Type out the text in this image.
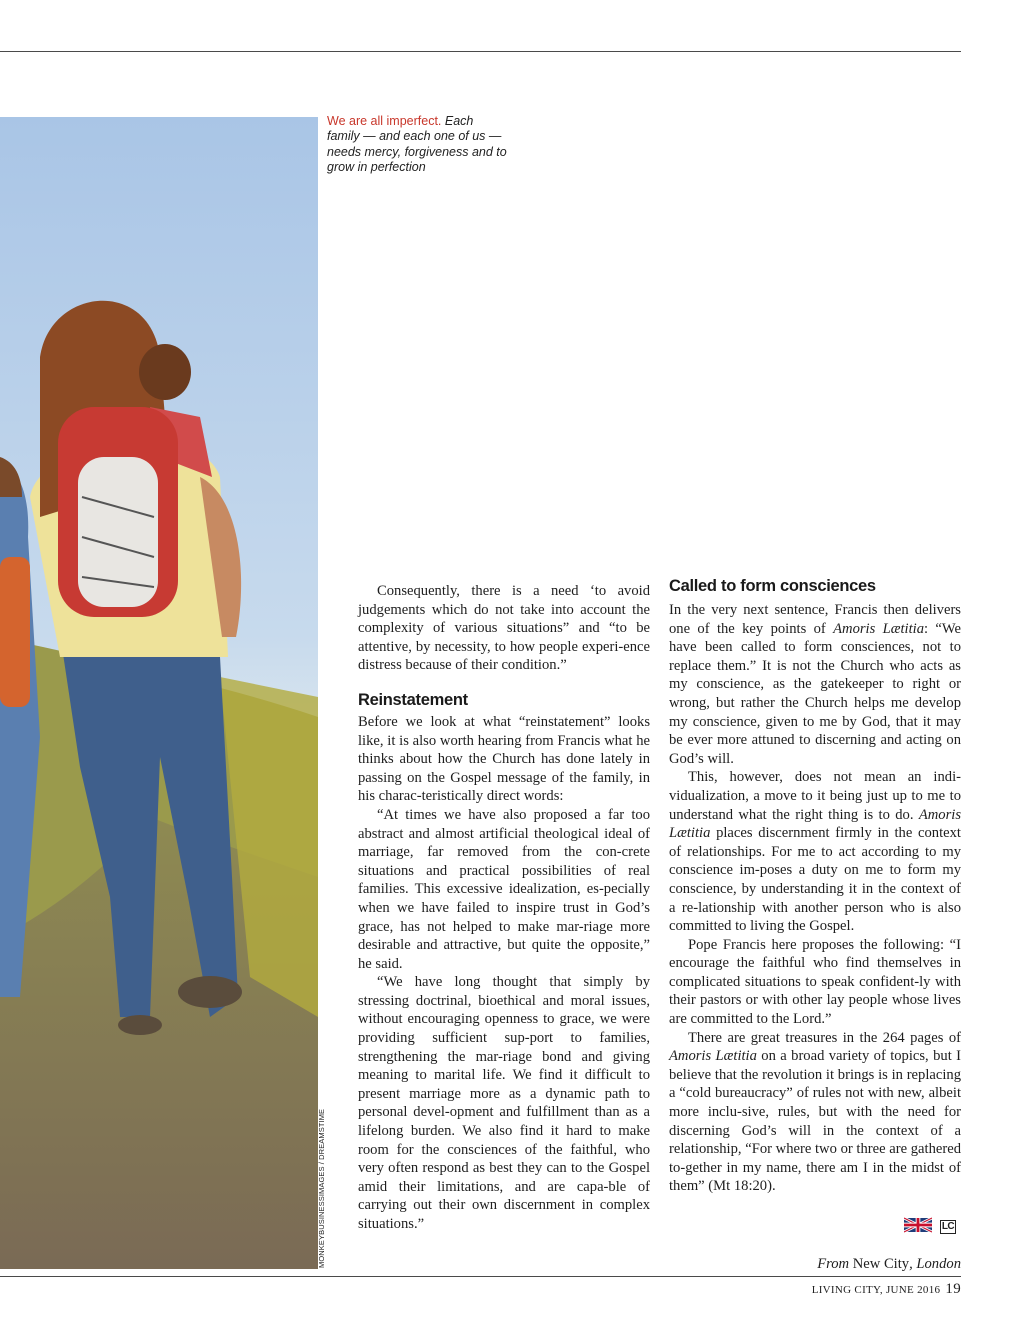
MONKEYBUSINESSIMAGES / DREAMSTIME
We are all imperfect. Each family — and each one of us — needs mercy, forgiveness and to grow in perfection

Consequently, there is a need ‘to avoid judgements which do not take into account the complexity of various situations” and “to be attentive, by necessity, to how people experi-ence distress because of their condition.”

Reinstatement

Before we look at what “reinstatement” looks like, it is also worth hearing from Francis what he thinks about how the Church has done lately in passing on the Gospel message of the family, in his charac-teristically direct words:

“At times we have also proposed a far too abstract and almost artificial theological ideal of marriage, far removed from the con-crete situations and practical possibilities of real families. This excessive idealization, es-pecially when we have failed to inspire trust in God’s grace, has not helped to make mar-riage more desirable and attractive, but quite the opposite,” he said.

“We have long thought that simply by stressing doctrinal, bioethical and moral issues, without encouraging openness to grace, we were providing sufficient sup-port to families, strengthening the mar-riage bond and giving meaning to marital life. We find it difficult to present marriage more as a dynamic path to personal devel-opment and fulfillment than as a lifelong burden. We also find it hard to make room for the consciences of the faithful, who very often respond as best they can to the Gospel amid their limitations, and are capa-ble of carrying out their own discernment in complex situations.”

Called to form consciences

In the very next sentence, Francis then delivers one of the key points of Amoris Lætitia: “We have been called to form consciences, not to replace them.” It is not the Church who acts as my conscience, as the gatekeeper to right or wrong, but rather the Church helps me develop my conscience, given to me by God, that it may be ever more attuned to discerning and acting on God’s will.

This, however, does not mean an indi-vidualization, a move to it being just up to me to understand what the right thing is to do. Amoris Lætitia places discernment firmly in the context of relationships. For me to act according to my conscience im-poses a duty on me to form my conscience, by understanding it in the context of a re-lationship with another person who is also committed to living the Gospel.

Pope Francis here proposes the following: “I encourage the faithful who find themselves in complicated situations to speak confident-ly with their pastors or with other lay people whose lives are committed to the Lord.”

There are great treasures in the 264 pages of Amoris Lætitia on a broad variety of topics, but I believe that the revolution it brings is in replacing a “cold bureaucracy” of rules not with new, albeit more inclu-sive, rules, but with the need for discerning God’s will in the context of a relationship, “For where two or three are gathered to-gether in my name, there am I in the midst of them” (Mt 18:20).

LC
From New City, London
LIVING CITY, JUNE 2016 19
